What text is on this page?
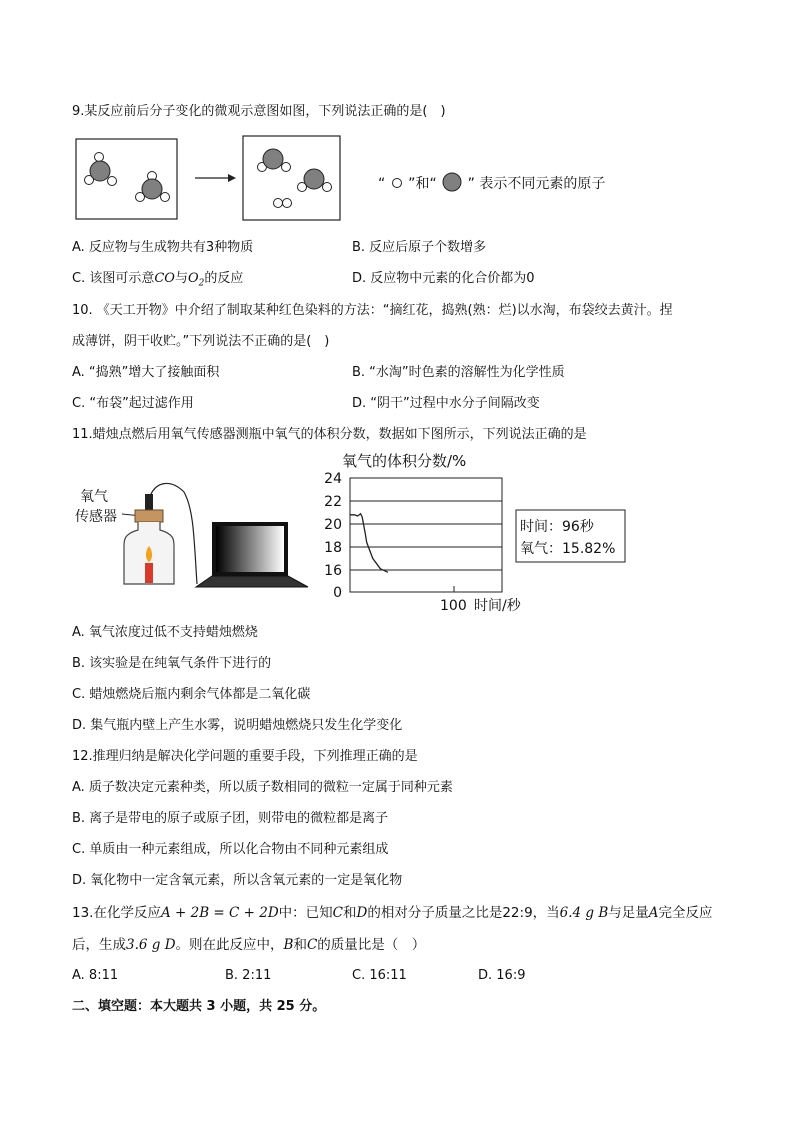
9.某反应前后分子变化的微观示意图如图，下列说法正确的是(　)
“ ”和“ ” 表示不同元素的原子
A. 反应物与生成物共有3种物质	B. 反应后原子个数增多
C. 该图可示意CO与$O_2$的反应	D. 反应物中元素的化合价都为0
10. 《天工开物》中介绍了制取某种红色染料的方法：“摘红花，捣熟(熟：烂)以水淘，布袋绞去黄汁。捏
成薄饼，阴干收贮。”下列说法不正确的是(　)
A. “捣熟”增大了接触面积	B. “水淘”时色素的溶解性为化学性质
C. “布袋”起过滤作用	D. “阴干”过程中水分子间隔改变
11.蜡烛点燃后用氧气传感器测瓶中氧气的体积分数，数据如下图所示，下列说法正确的是
氧气
传感器
氧气的体积分数/%
24
22
20
18
16
0
100 时间/秒
时间：96秒
氧气：15.82%
A. 氧气浓度过低不支持蜡烛燃烧
B. 该实验是在纯氧气条件下进行的
C. 蜡烛燃烧后瓶内剩余气体都是二氧化碳
D. 集气瓶内壁上产生水雾，说明蜡烛燃烧只发生化学变化
12.推理归纳是解决化学问题的重要手段，下列推理正确的是
A. 质子数决定元素种类，所以质子数相同的微粒一定属于同种元素
B. 离子是带电的原子或原子团，则带电的微粒都是离子
C. 单质由一种元素组成，所以化合物由不同种元素组成
D. 氧化物中一定含氧元素，所以含氧元素的一定是氧化物
13.在化学反应A + 2B = C + 2D中：已知C和D的相对分子质量之比是22:9，当6.4 g B与足量A完全反应
后，生成3.6 g D。则在此反应中，B和C的质量比是（　）
A. 8:11	B. 2:11	C. 16:11	D. 16:9
二、填空题：本大题共 3 小题，共 25 分。
